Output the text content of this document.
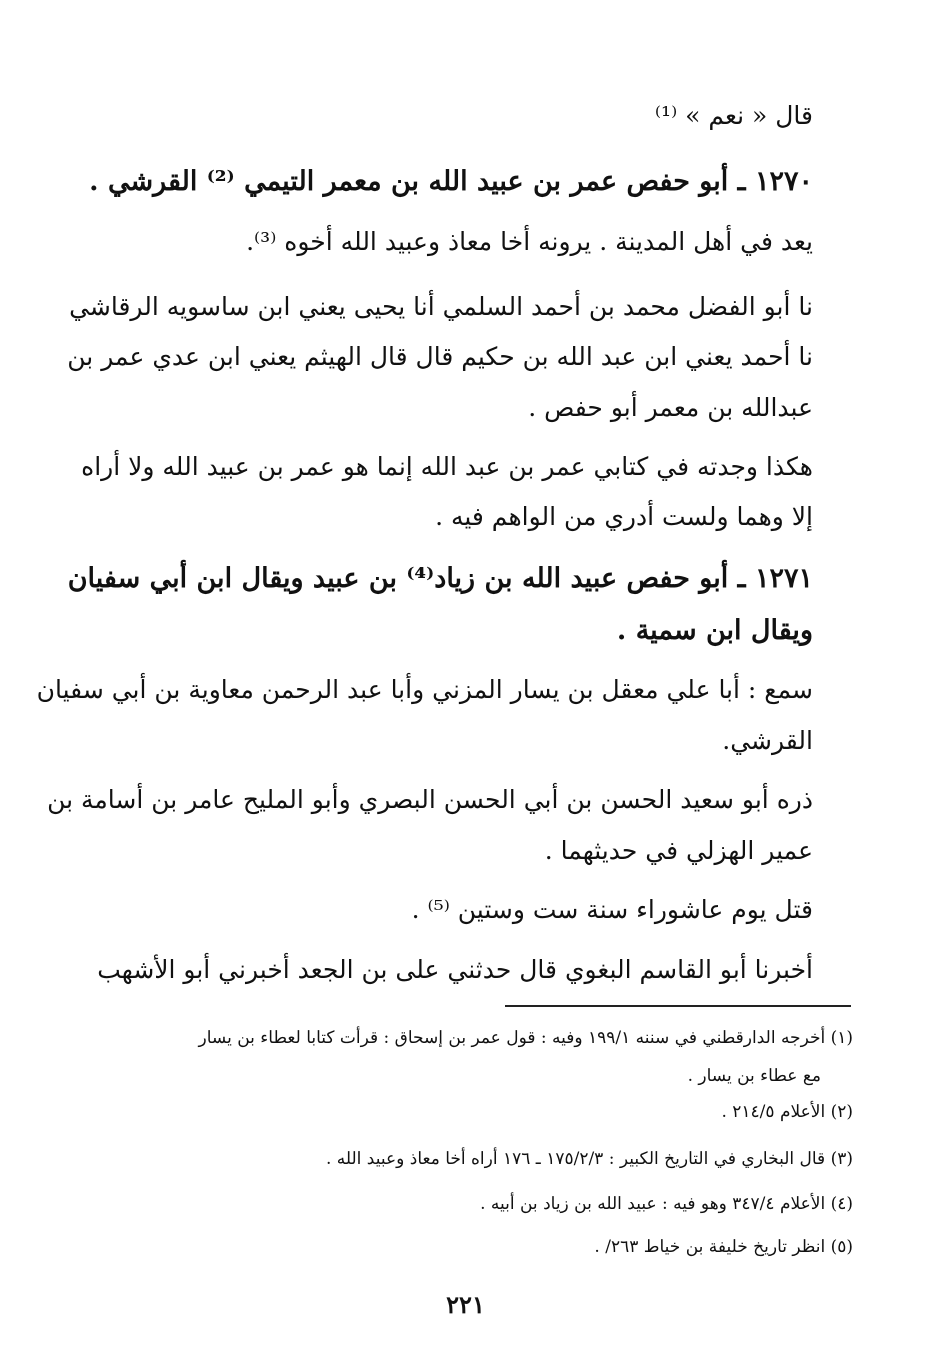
قال « نعم » ⁽¹⁾
١٢٧٠ ـ أبو حفص عمر بن عبيد الله بن معمر التيمي ⁽²⁾ القرشي .
يعد في أهل المدينة . يرونه أخا معاذ وعبيد الله أخوه ⁽³⁾.
نا أبو الفضل محمد بن أحمد السلمي أنا يحيى يعني ابن ساسويه الرقاشي
نا أحمد يعني ابن عبد الله بن حكيم قال قال الهيثم يعني ابن عدي عمر بن
عبدالله بن معمر أبو حفص .
هكذا وجدته في كتابي عمر بن عبد الله إنما هو عمر بن عبيد الله ولا أراه
إلا وهما ولست أدري من الواهم فيه .
١٢٧١ ـ أبو حفص عبيد الله بن زياد⁽⁴⁾ بن عبيد ويقال ابن أبي سفيان
ويقال ابن سمية .
سمع : أبا علي معقل بن يسار المزني وأبا عبد الرحمن معاوية بن أبي سفيان
القرشي.
ذره أبو سعيد الحسن بن أبي الحسن البصري وأبو المليح عامر بن أسامة بن
عمير الهزلي في حديثهما .
قتل يوم عاشوراء سنة ست وستين ⁽⁵⁾ .
أخبرنا أبو القاسم البغوي قال حدثني على بن الجعد أخبرني أبو الأشهب
(١) أخرجه الدارقطني في سننه ١٩٩/١ وفيه : قول عمر بن إسحاق : قرأت كتابا لعطاء بن يسار
مع عطاء بن يسار .
(٢) الأعلام ٢١٤/٥ .
(٣) قال البخاري في التاريخ الكبير : ١٧٥/٢/٣ ـ ١٧٦ أراه أخا معاذ وعبيد الله .
(٤) الأعلام ٣٤٧/٤ وهو فيه : عبيد الله بن زياد بن أبيه .
(٥) انظر تاريخ خليفة بن خياط ٢٦٣/ .
٢٢١
